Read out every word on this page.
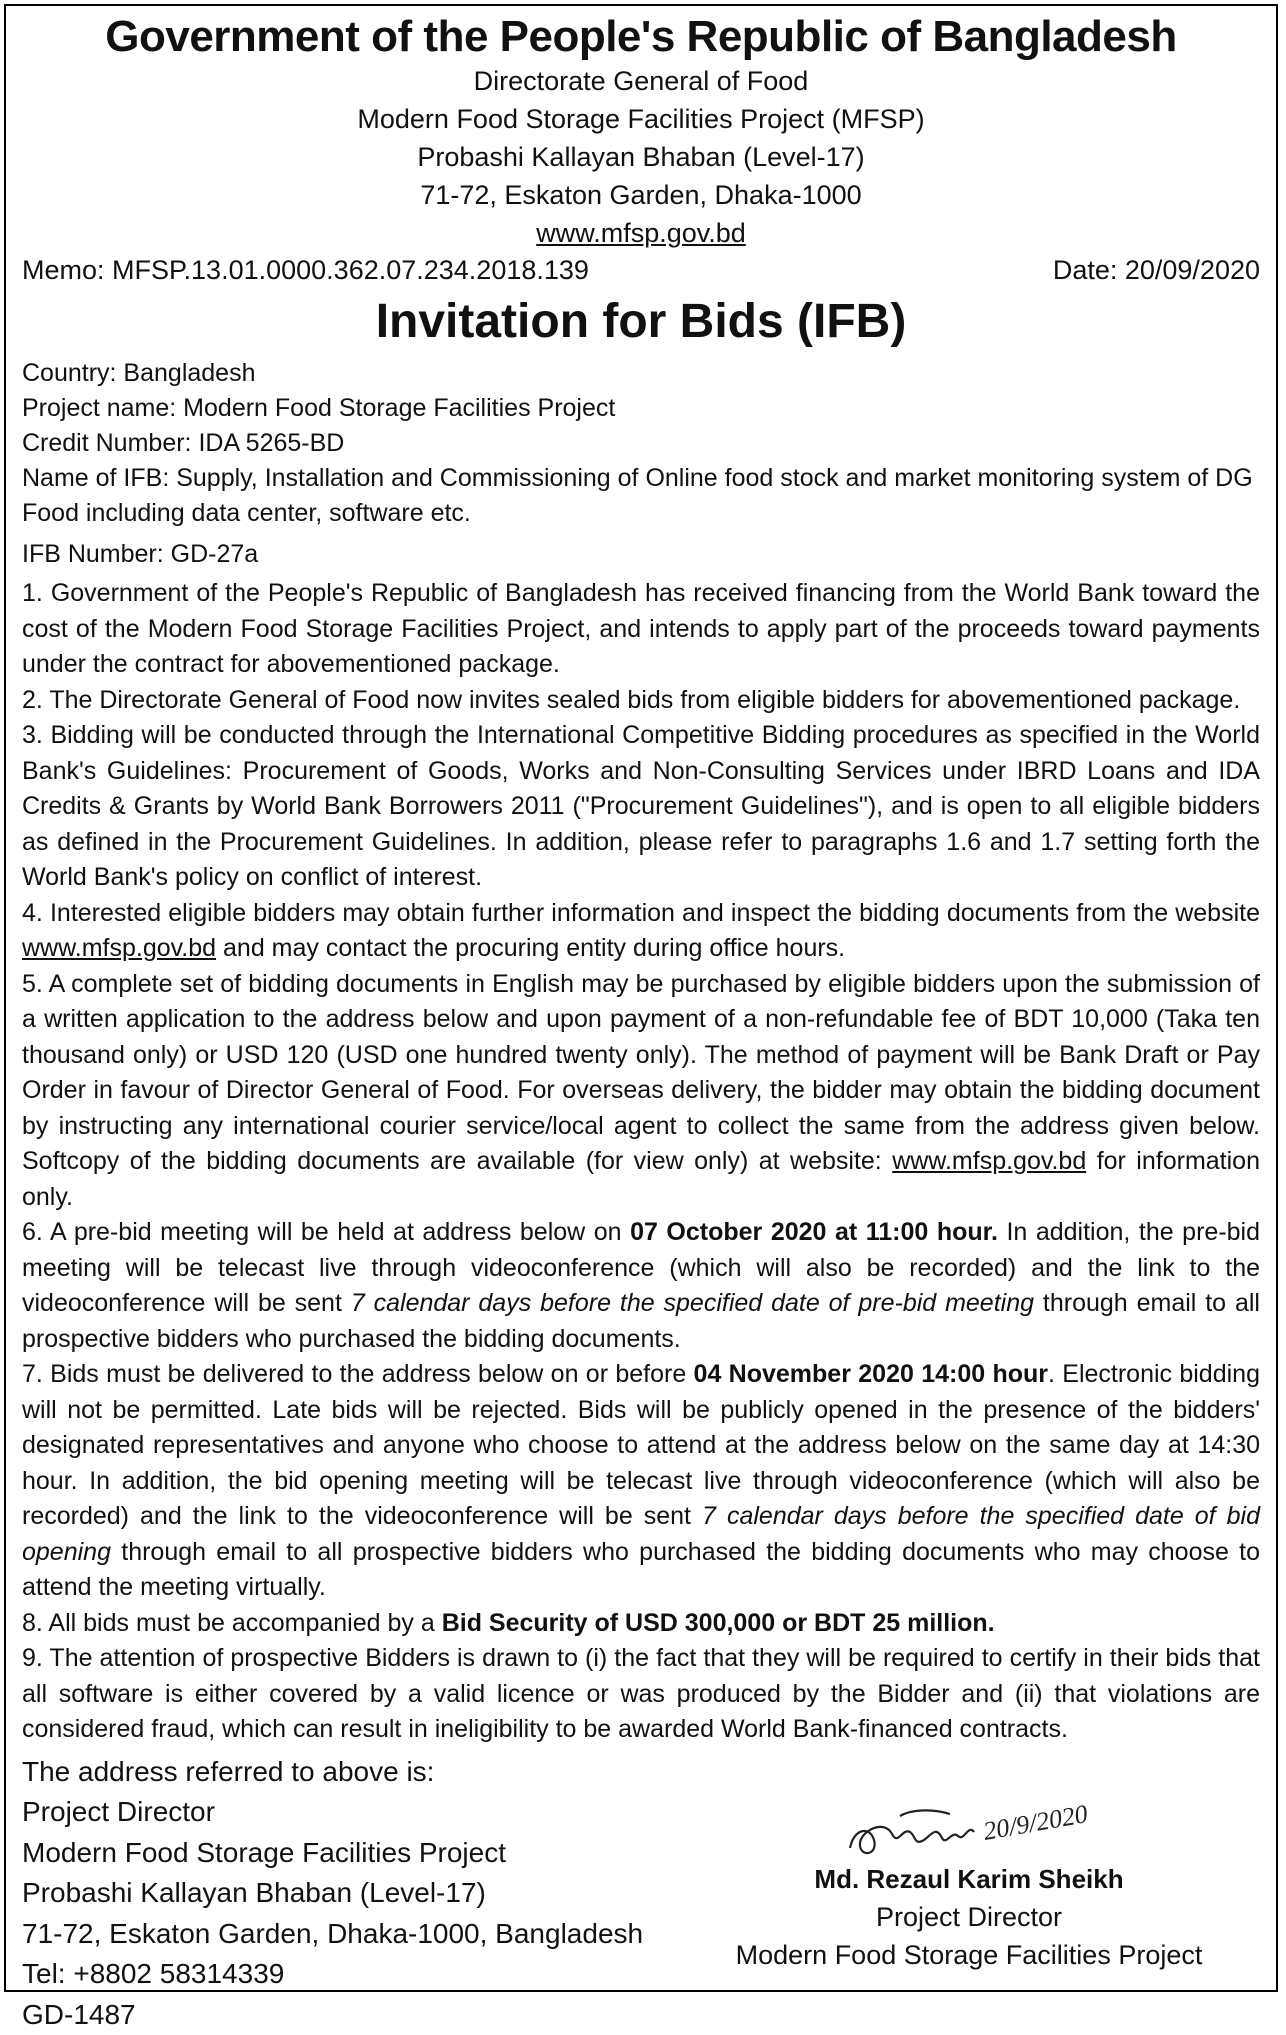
Government of the People's Republic of Bangladesh
Directorate General of Food
Modern Food Storage Facilities Project (MFSP)
Probashi Kallayan Bhaban (Level-17)
71-72, Eskaton Garden, Dhaka-1000
www.mfsp.gov.bd
Memo: MFSP.13.01.0000.362.07.234.2018.139	Date: 20/09/2020
Invitation for Bids (IFB)

Country: Bangladesh

Project name: Modern Food Storage Facilities Project

Credit Number: IDA 5265-BD

Name of IFB: Supply, Installation and Commissioning of Online food stock and market monitoring system of DG Food including data center, software etc.

IFB Number: GD-27a

1. Government of the People's Republic of Bangladesh has received financing from the World Bank toward the cost of the Modern Food Storage Facilities Project, and intends to apply part of the proceeds toward payments under the contract for abovementioned package.

2. The Directorate General of Food now invites sealed bids from eligible bidders for abovementioned package.

3. Bidding will be conducted through the International Competitive Bidding procedures as specified in the World Bank's Guidelines: Procurement of Goods, Works and Non-Consulting Services under IBRD Loans and IDA Credits & Grants by World Bank Borrowers 2011 ("Procurement Guidelines"), and is open to all eligible bidders as defined in the Procurement Guidelines. In addition, please refer to paragraphs 1.6 and 1.7 setting forth the World Bank's policy on conflict of interest.

4. Interested eligible bidders may obtain further information and inspect the bidding documents from the website www.mfsp.gov.bd and may contact the procuring entity during office hours.

5. A complete set of bidding documents in English may be purchased by eligible bidders upon the submission of a written application to the address below and upon payment of a non-refundable fee of BDT 10,000 (Taka ten thousand only) or USD 120 (USD one hundred twenty only). The method of payment will be Bank Draft or Pay Order in favour of Director General of Food. For overseas delivery, the bidder may obtain the bidding document by instructing any international courier service/local agent to collect the same from the address given below. Softcopy of the bidding documents are available (for view only) at website: www.mfsp.gov.bd for information only.

6. A pre-bid meeting will be held at address below on 07 October 2020 at 11:00 hour. In addition, the pre-bid meeting will be telecast live through videoconference (which will also be recorded) and the link to the videoconference will be sent 7 calendar days before the specified date of pre-bid meeting through email to all prospective bidders who purchased the bidding documents.

7. Bids must be delivered to the address below on or before 04 November 2020 14:00 hour. Electronic bidding will not be permitted. Late bids will be rejected. Bids will be publicly opened in the presence of the bidders' designated representatives and anyone who choose to attend at the address below on the same day at 14:30 hour. In addition, the bid opening meeting will be telecast live through videoconference (which will also be recorded) and the link to the videoconference will be sent 7 calendar days before the specified date of bid opening through email to all prospective bidders who purchased the bidding documents who may choose to attend the meeting virtually.

8. All bids must be accompanied by a Bid Security of USD 300,000 or BDT 25 million.

9. The attention of prospective Bidders is drawn to (i) the fact that they will be required to certify in their bids that all software is either covered by a valid licence or was produced by the Bidder and (ii) that violations are considered fraud, which can result in ineligibility to be awarded World Bank-financed contracts.

The address referred to above is:

Project Director

Modern Food Storage Facilities Project

Probashi Kallayan Bhaban (Level-17)

71-72, Eskaton Garden, Dhaka-1000, Bangladesh

Tel: +8802 58314339

GD-1487

20/9/2020
Md. Rezaul Karim Sheikh
Project Director
Modern Food Storage Facilities Project
